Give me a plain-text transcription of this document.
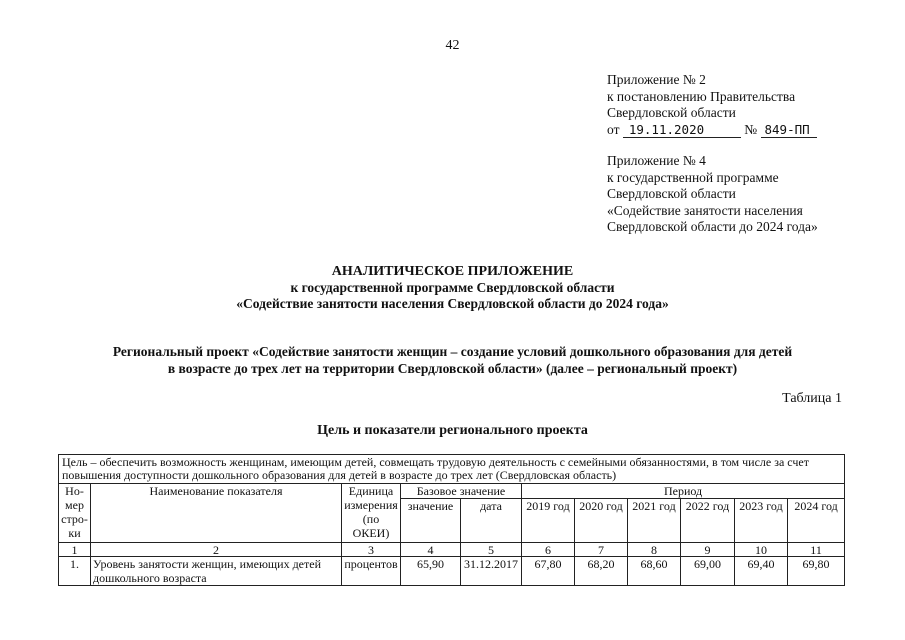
42
Приложение № 2
к постановлению Правительства
Свердловской области
от 19.11.2020	№ 849-ПП
Приложение № 4
к государственной программе
Свердловской области
«Содействие занятости населения
Свердловской области до 2024 года»
АНАЛИТИЧЕСКОЕ ПРИЛОЖЕНИЕ
к государственной программе Свердловской области
«Содействие занятости населения Свердловской области до 2024 года»
Региональный проект «Содействие занятости женщин – создание условий дошкольного образования для детей
в возрасте до трех лет на территории Свердловской области» (далее – региональный проект)
Таблица 1
Цель и показатели регионального проекта
Цель – обеспечить возможность женщинам, имеющим детей, совмещать трудовую деятельность с семейными обязанностями, в том числе за счет повышения доступности дошкольного образования для детей в возрасте до трех лет (Свердловская область)										
Но-мер стро-ки	Наименование показателя	Единица измерения (по ОКЕИ)	Базовое значение		Период					
			значение	дата	2019 год	2020 год	2021 год	2022 год	2023 год	2024 год
1	2	3	4	5	6	7	8	9	10	11
1.	Уровень занятости женщин, имеющих детей дошкольного возраста	процентов	65,90	31.12.2017	67,80	68,20	68,60	69,00	69,40	69,80
